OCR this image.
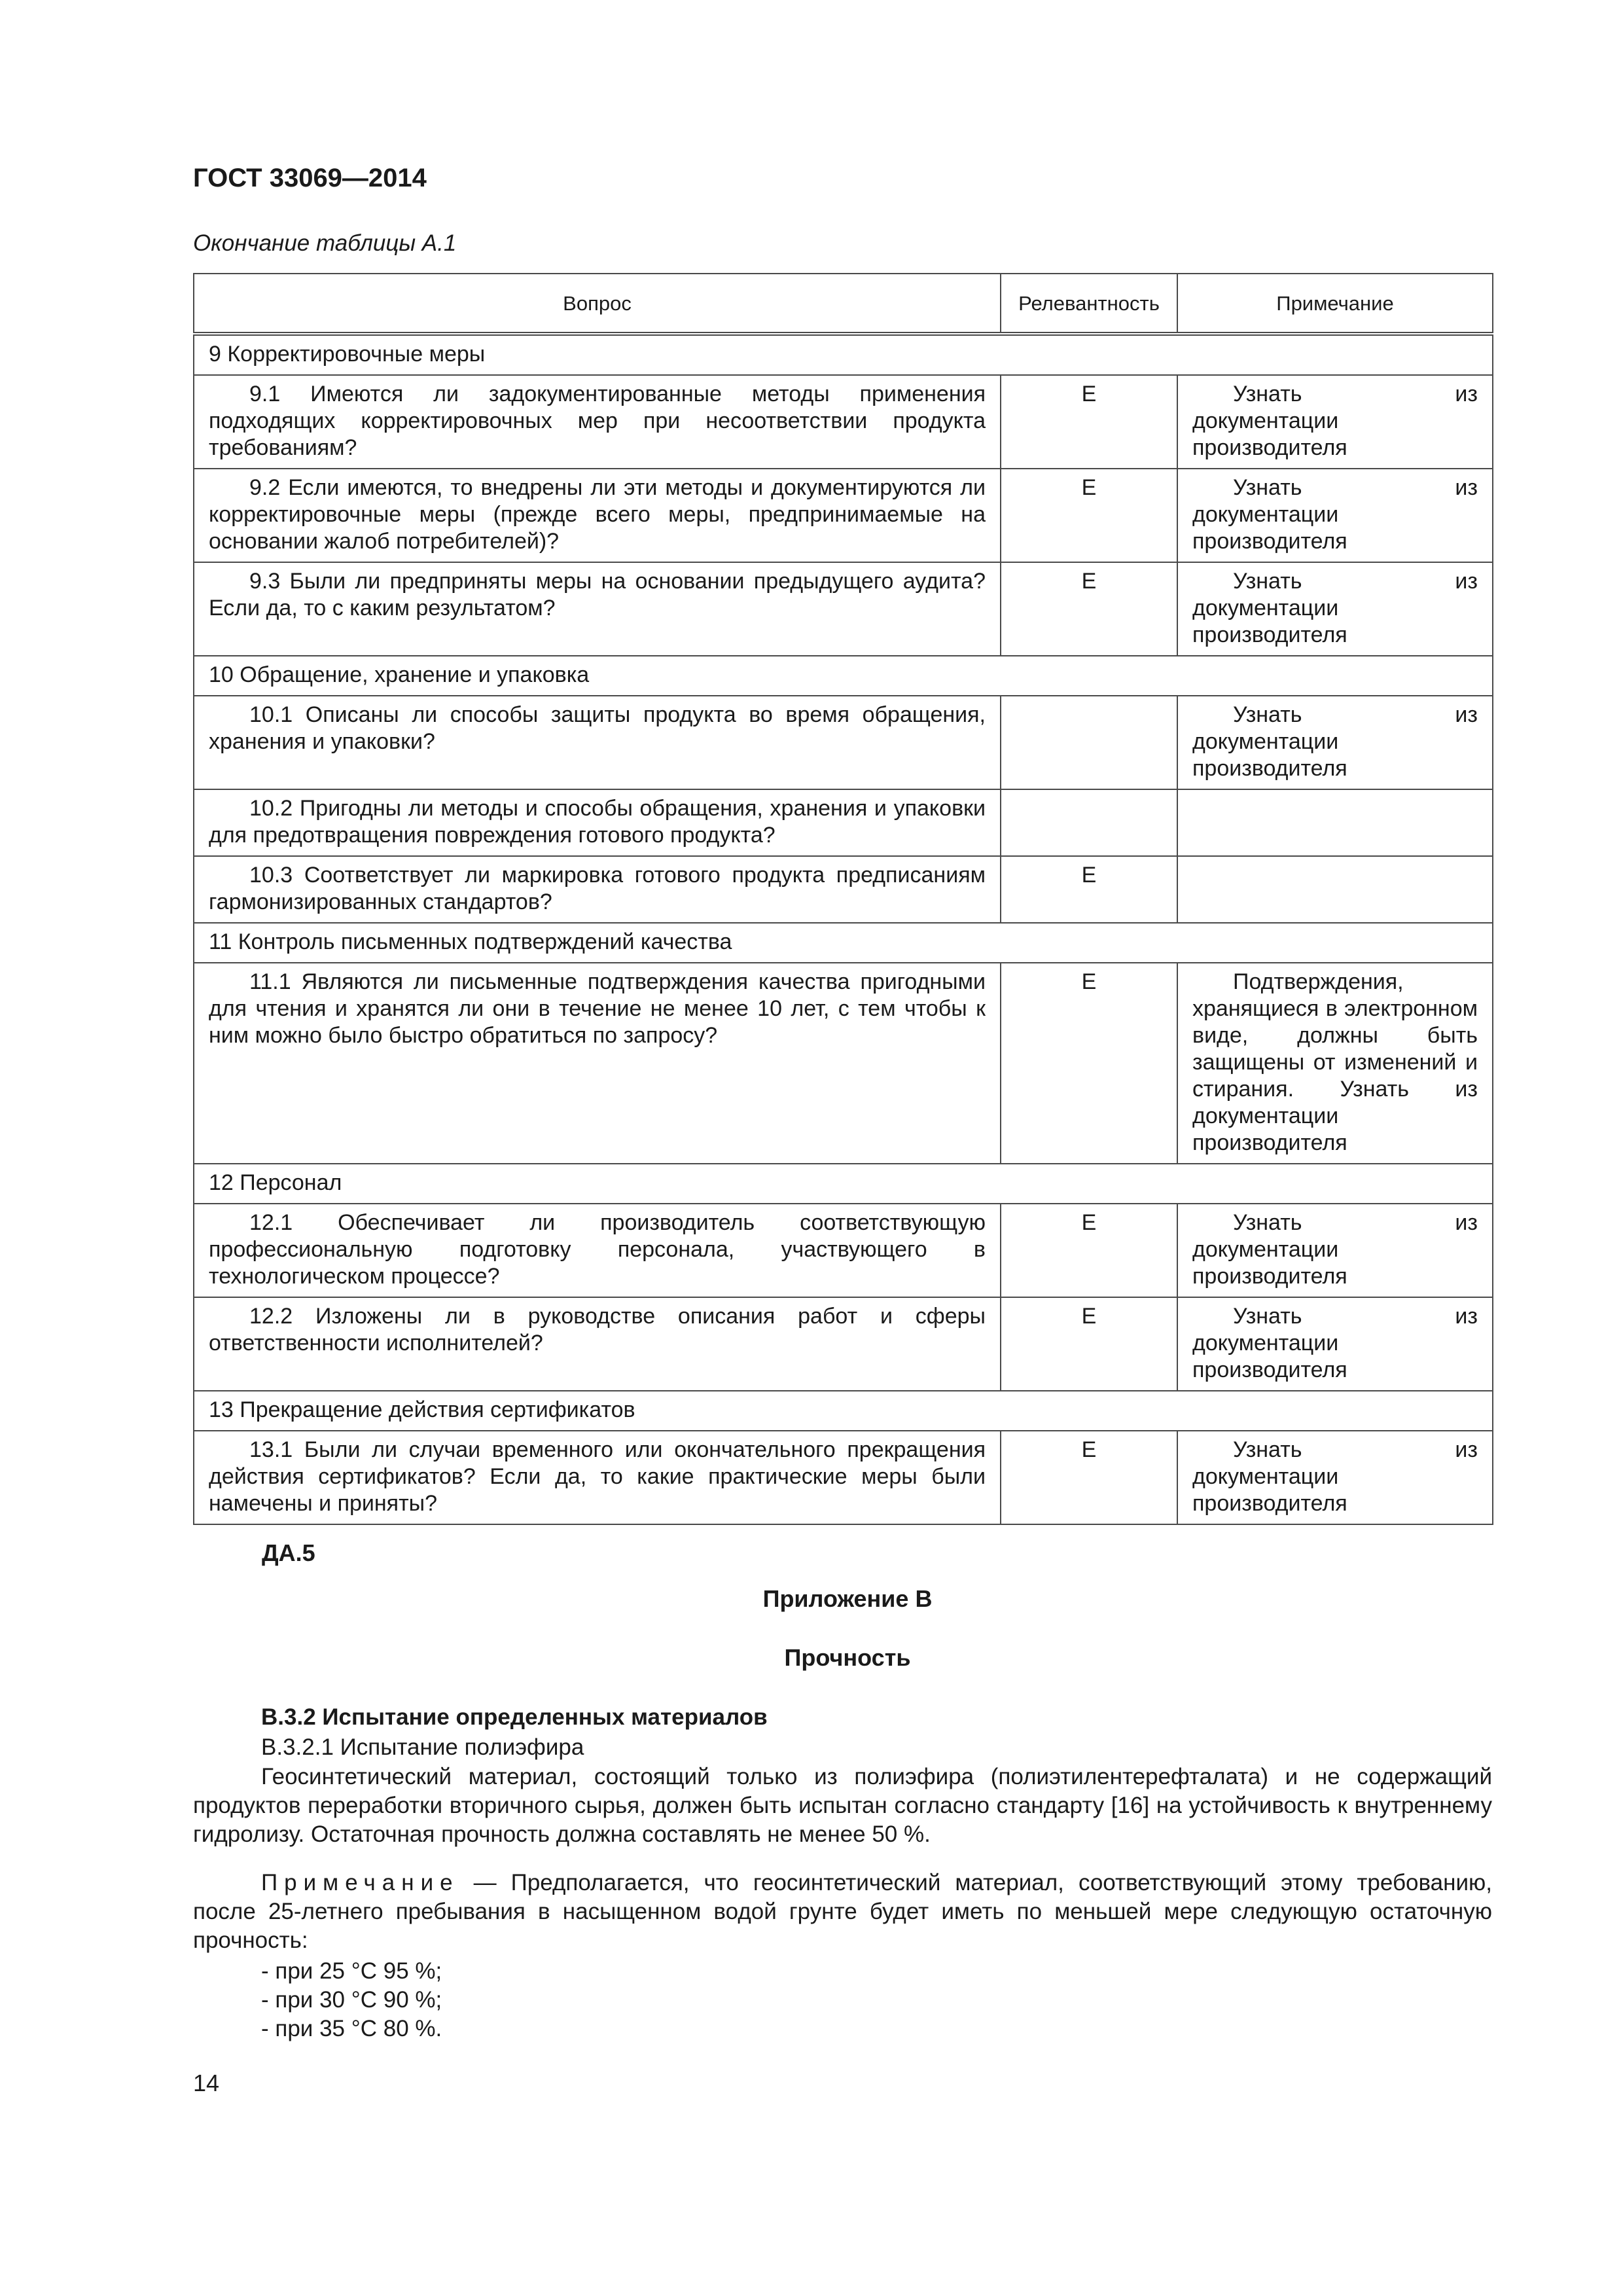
ГОСТ 33069—2014
Окончание таблицы А.1
Вопрос	Релевантность	Примечание
9 Корректировочные меры		
9.1 Имеются ли задокументированные методы применения подходящих корректировочных мер при несоответствии продукта требованиям?	E	Узнать из документации производителя
9.2 Если имеются, то внедрены ли эти методы и документируются ли корректировочные меры (прежде всего меры, предпринимаемые на основании жалоб потребителей)?	E	Узнать из документации производителя
9.3 Были ли предприняты меры на основании предыдущего аудита? Если да, то с каким результатом?	E	Узнать из документации производителя
10 Обращение, хранение и упаковка		
10.1 Описаны ли способы защиты продукта во время обращения, хранения и упаковки?		Узнать из документации производителя
10.2 Пригодны ли методы и способы обращения, хранения и упаковки для предотвращения повреждения готового продукта?		
10.3 Соответствует ли маркировка готового продукта предписаниям гармонизированных стандартов?	E	
11 Контроль письменных подтверждений качества		
11.1 Являются ли письменные подтверждения качества пригодными для чтения и хранятся ли они в течение не менее 10 лет, с тем чтобы к ним можно было быстро обратиться по запросу?	E	Подтверждения, хранящиеся в электронном виде, должны быть защищены от изменений и стирания. Узнать из документации производителя
12 Персонал		
12.1 Обеспечивает ли производитель соответствующую профессиональную подготовку персонала, участвующего в технологическом процессе?	E	Узнать из документации производителя
12.2 Изложены ли в руководстве описания работ и сферы ответственности исполнителей?	E	Узнать из документации производителя
13 Прекращение действия сертификатов		
13.1 Были ли случаи временного или окончательного прекращения действия сертификатов? Если да, то какие практические меры были намечены и приняты?	E	Узнать из документации производителя
ДА.5
Приложение В
Прочность
В.3.2 Испытание определенных материалов
В.3.2.1 Испытание полиэфира
Геосинтетический материал, состоящий только из полиэфира (полиэтилентерефталата) и не содержащий продуктов переработки вторичного сырья, должен быть испытан согласно стандарту [16] на устойчивость к внутреннему гидролизу. Остаточная прочность должна составлять не менее 50 %.
Примечание — Предполагается, что геосинтетический материал, соответствующий этому требованию, после 25-летнего пребывания в насыщенном водой грунте будет иметь по меньшей мере следующую остаточную прочность:
- при 25 °С 95 %;
- при 30 °С 90 %;
- при 35 °С 80 %.
14
